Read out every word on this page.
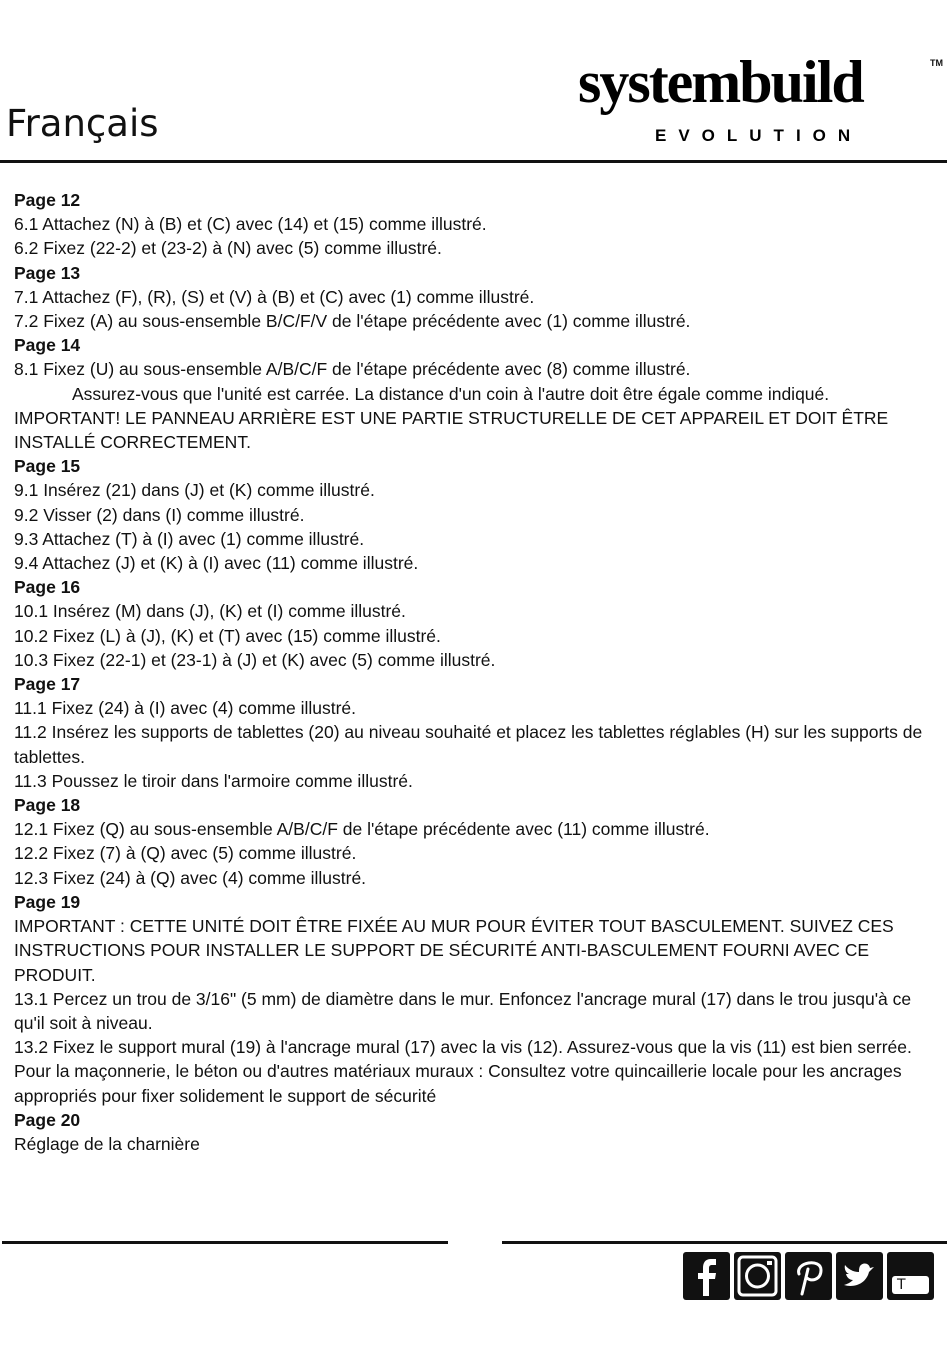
Français
systembuild	TM
EVOLUTION

Page 12

6.1 Attachez (N) à (B) et (C) avec (14) et (15) comme illustré.

6.2 Fixez (22-2) et (23-2) à (N) avec (5) comme illustré.

Page 13

7.1 Attachez (F), (R), (S) et (V) à (B) et (C) avec (1) comme illustré.

7.2 Fixez (A) au sous-ensemble B/C/F/V de l'étape précédente avec (1) comme illustré.

Page 14

8.1 Fixez (U) au sous-ensemble A/B/C/F de l'étape précédente avec (8) comme illustré.

Assurez-vous que l'unité est carrée. La distance d'un coin à l'autre doit être égale comme indiqué.

IMPORTANT! LE PANNEAU ARRIÈRE EST UNE PARTIE STRUCTURELLE DE CET APPAREIL ET DOIT ÊTRE INSTALLÉ CORRECTEMENT.

Page 15

9.1 Insérez (21) dans (J) et (K) comme illustré.

9.2 Visser (2) dans (I) comme illustré.

9.3 Attachez (T) à (I) avec (1) comme illustré.

9.4 Attachez (J) et (K) à (I) avec (11) comme illustré.

Page 16

10.1 Insérez (M) dans (J), (K) et (I) comme illustré.

10.2 Fixez (L) à (J), (K) et (T) avec (15) comme illustré.

10.3 Fixez (22-1) et (23-1) à (J) et (K) avec (5) comme illustré.

Page 17

11.1 Fixez (24) à (I) avec (4) comme illustré.

11.2 Insérez les supports de tablettes (20) au niveau souhaité et placez les tablettes réglables (H) sur les supports de tablettes.

11.3 Poussez le tiroir dans l'armoire comme illustré.

Page 18

12.1 Fixez (Q) au sous-ensemble A/B/C/F de l'étape précédente avec (11) comme illustré.

12.2 Fixez (7) à (Q) avec (5) comme illustré.

12.3 Fixez (24) à (Q) avec (4) comme illustré.

Page 19

IMPORTANT : CETTE UNITÉ DOIT ÊTRE FIXÉE AU MUR POUR ÉVITER TOUT BASCULEMENT. SUIVEZ CES INSTRUCTIONS POUR INSTALLER LE SUPPORT DE SÉCURITÉ ANTI-BASCULEMENT FOURNI AVEC CE PRODUIT.

13.1 Percez un trou de 3/16" (5 mm) de diamètre dans le mur. Enfoncez l'ancrage mural (17) dans le trou jusqu'à ce qu'il soit à niveau.

13.2 Fixez le support mural (19) à l'ancrage mural (17) avec la vis (12). Assurez-vous que la vis (11) est bien serrée.

Pour la maçonnerie, le béton ou d'autres matériaux muraux : Consultez votre quincaillerie locale pour les ancrages appropriés pour fixer solidement le support de sécurité

Page 20

Réglage de la charnière

T
